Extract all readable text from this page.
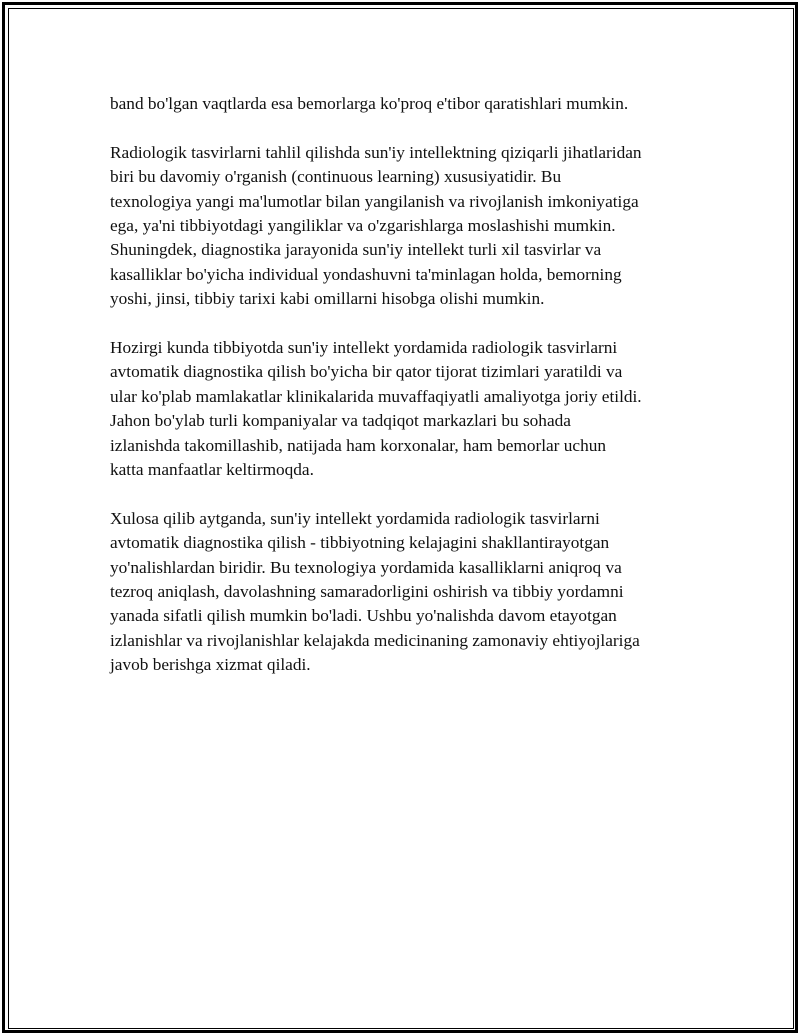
band bo'lgan vaqtlarda esa bemorlarga ko'proq e'tibor qaratishlari mumkin.

Radiologik tasvirlarni tahlil qilishda sun'iy intellektning qiziqarli jihatlaridan
biri bu davomiy o'rganish (continuous learning) xususiyatidir. Bu
texnologiya yangi ma'lumotlar bilan yangilanish va rivojlanish imkoniyatiga
ega, ya'ni tibbiyotdagi yangiliklar va o'zgarishlarga moslashishi mumkin.
Shuningdek, diagnostika jarayonida sun'iy intellekt turli xil tasvirlar va
kasalliklar bo'yicha individual yondashuvni ta'minlagan holda, bemorning
yoshi, jinsi, tibbiy tarixi kabi omillarni hisobga olishi mumkin.

Hozirgi kunda tibbiyotda sun'iy intellekt yordamida radiologik tasvirlarni
avtomatik diagnostika qilish bo'yicha bir qator tijorat tizimlari yaratildi va
ular ko'plab mamlakatlar klinikalarida muvaffaqiyatli amaliyotga joriy etildi.
Jahon bo'ylab turli kompaniyalar va tadqiqot markazlari bu sohada
izlanishda takomillashib, natijada ham korxonalar, ham bemorlar uchun
katta manfaatlar keltirmoqda.

Xulosa qilib aytganda, sun'iy intellekt yordamida radiologik tasvirlarni
avtomatik diagnostika qilish - tibbiyotning kelajagini shakllantirayotgan
yo'nalishlardan biridir. Bu texnologiya yordamida kasalliklarni aniqroq va
tezroq aniqlash, davolashning samaradorligini oshirish va tibbiy yordamni
yanada sifatli qilish mumkin bo'ladi. Ushbu yo'nalishda davom etayotgan
izlanishlar va rivojlanishlar kelajakda medicinaning zamonaviy ehtiyojlariga
javob berishga xizmat qiladi.
